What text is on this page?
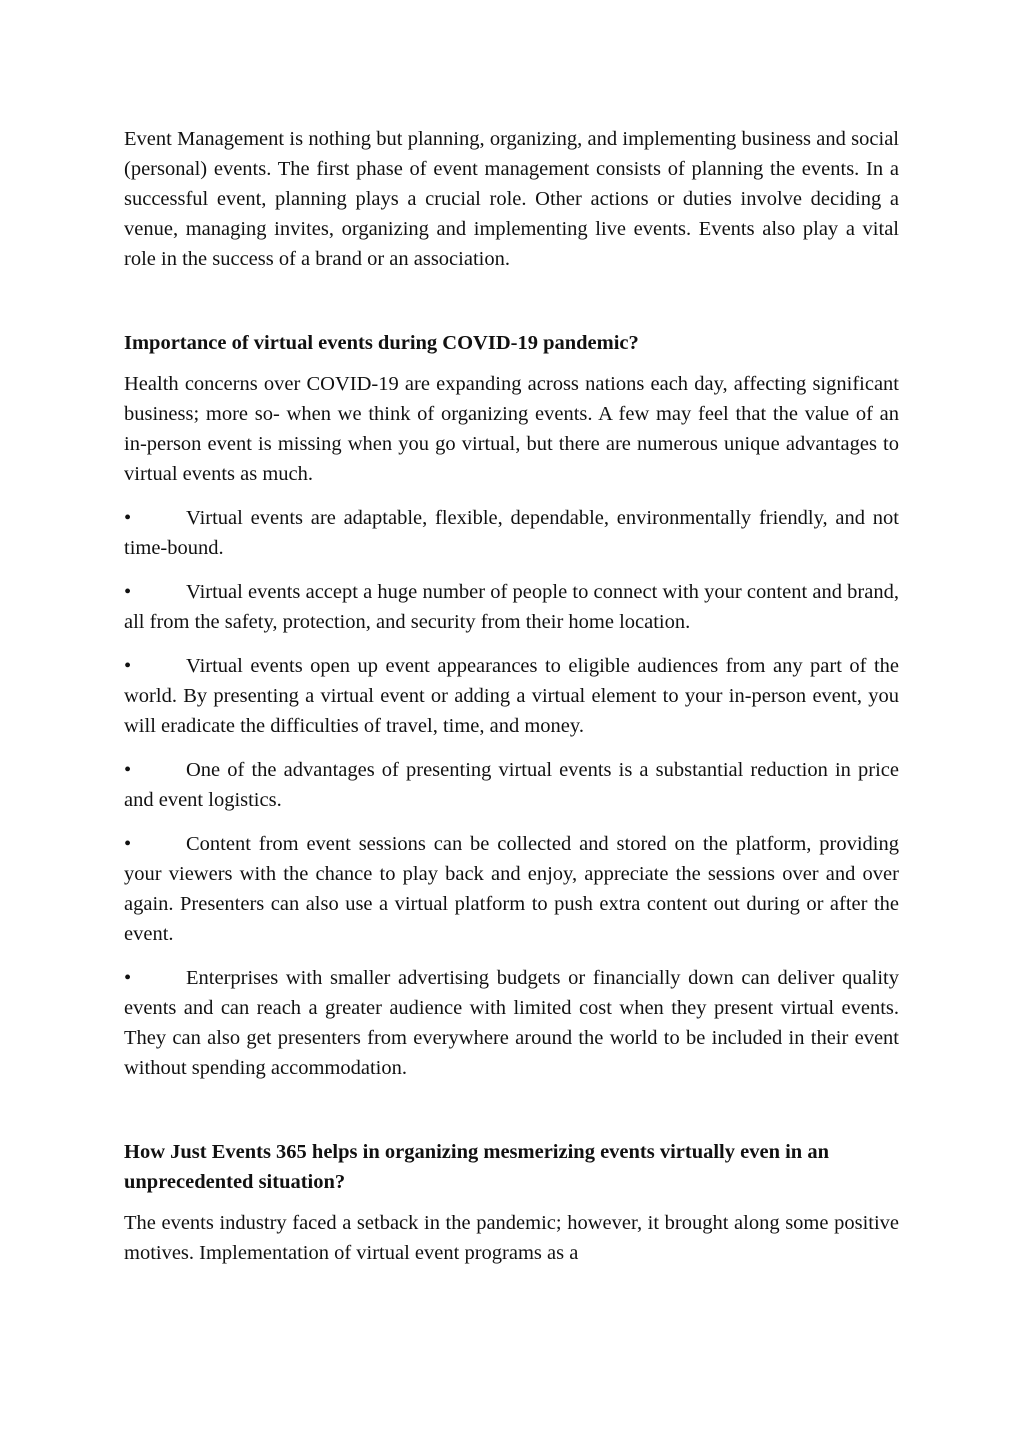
Event Management is nothing but planning, organizing, and implementing business and social (personal) events. The first phase of event management consists of planning the events. In a successful event, planning plays a crucial role. Other actions or duties involve deciding a venue, managing invites, organizing and implementing live events. Events also play a vital role in the success of a brand or an association.

Importance of virtual events during COVID-19 pandemic?

Health concerns over COVID-19 are expanding across nations each day, affecting significant business; more so- when we think of organizing events. A few may feel that the value of an in-person event is missing when you go virtual, but there are numerous unique advantages to virtual events as much.

•	Virtual events are adaptable, flexible, dependable, environmentally friendly, and not time-bound.

•	Virtual events accept a huge number of people to connect with your content and brand, all from the safety, protection, and security from their home location.

•	Virtual events open up event appearances to eligible audiences from any part of the world. By presenting a virtual event or adding a virtual element to your in-person event, you will eradicate the difficulties of travel, time, and money.

•	One of the advantages of presenting virtual events is a substantial reduction in price and event logistics.

•	Content from event sessions can be collected and stored on the platform, providing your viewers with the chance to play back and enjoy, appreciate the sessions over and over again. Presenters can also use a virtual platform to push extra content out during or after the event.

•	Enterprises with smaller advertising budgets or financially down can deliver quality events and can reach a greater audience with limited cost when they present virtual events. They can also get presenters from everywhere around the world to be included in their event without spending accommodation.

How Just Events 365 helps in organizing mesmerizing events virtually even in an unprecedented situation?

The events industry faced a setback in the pandemic; however, it brought along some positive motives. Implementation of virtual event programs as a
